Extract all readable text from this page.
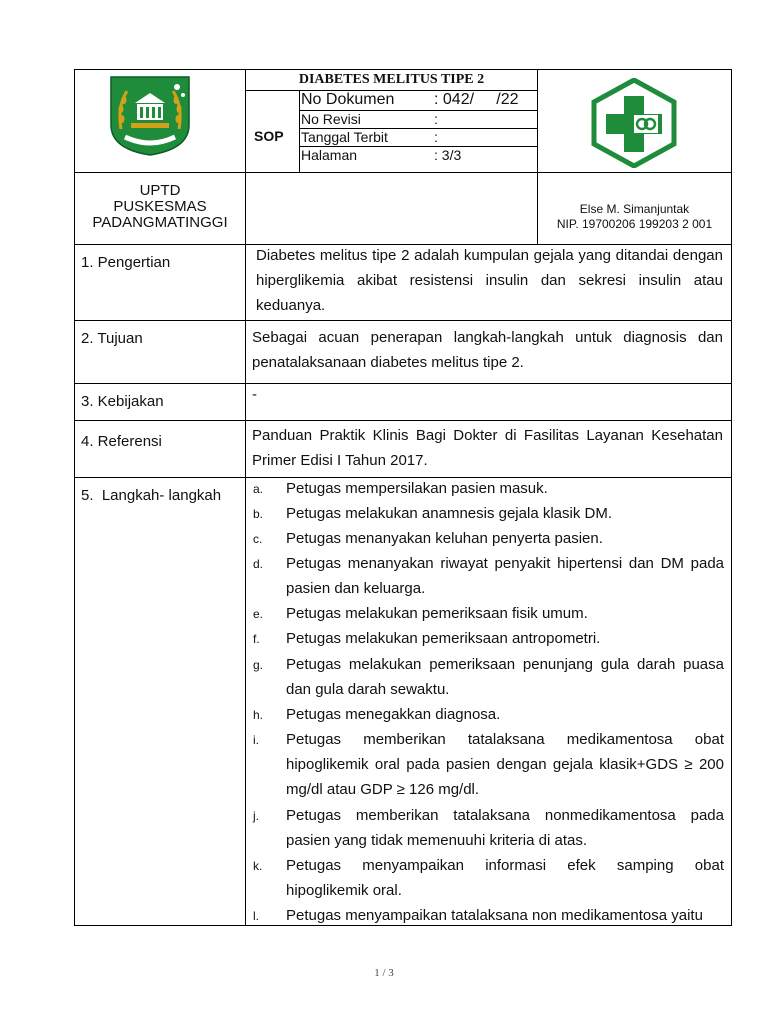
DIABETES MELITUS TIPE 2
SOP
No Dokumen : 042/     /22
No Revisi	:
Tanggal Terbit	:
Halaman	: 3/3
UPTD
PUSKESMAS
PADANGMATINGGI
Else M. Simanjuntak
NIP. 19700206 199203 2 001
1. Pengertian	Diabetes melitus tipe 2 adalah kumpulan gejala yang ditandai dengan hiperglikemia akibat resistensi insulin dan sekresi insulin atau keduanya.
2. Tujuan	Sebagai acuan penerapan langkah-langkah untuk diagnosis dan penatalaksanaan diabetes melitus tipe 2.
3. Kebijakan	-
4. Referensi	Panduan Praktik Klinis Bagi Dokter di Fasilitas Layanan Kesehatan Primer Edisi I Tahun 2017.
5.  Langkah- langkah	a. Petugas mempersilakan pasien masuk.
b. Petugas melakukan anamnesis gejala klasik DM.
c. Petugas menanyakan keluhan penyerta pasien.
d. Petugas menanyakan riwayat penyakit hipertensi dan DM pada pasien dan keluarga.
e. Petugas melakukan pemeriksaan fisik umum.
f. Petugas melakukan pemeriksaan antropometri.
g. Petugas melakukan pemeriksaan penunjang gula darah puasa dan gula darah sewaktu.
h. Petugas menegakkan diagnosa.
i. Petugas memberikan tatalaksana medikamentosa obat hipoglikemik oral pada pasien dengan gejala klasik+GDS ≥ 200 mg/dl atau GDP ≥ 126 mg/dl.
j. Petugas memberikan tatalaksana nonmedikamentosa pada pasien yang tidak memenuuhi kriteria di atas.
k. Petugas menyampaikan informasi efek samping obat hipoglikemik oral.
l. Petugas menyampaikan tatalaksana non medikamentosa yaitu
1 / 3
